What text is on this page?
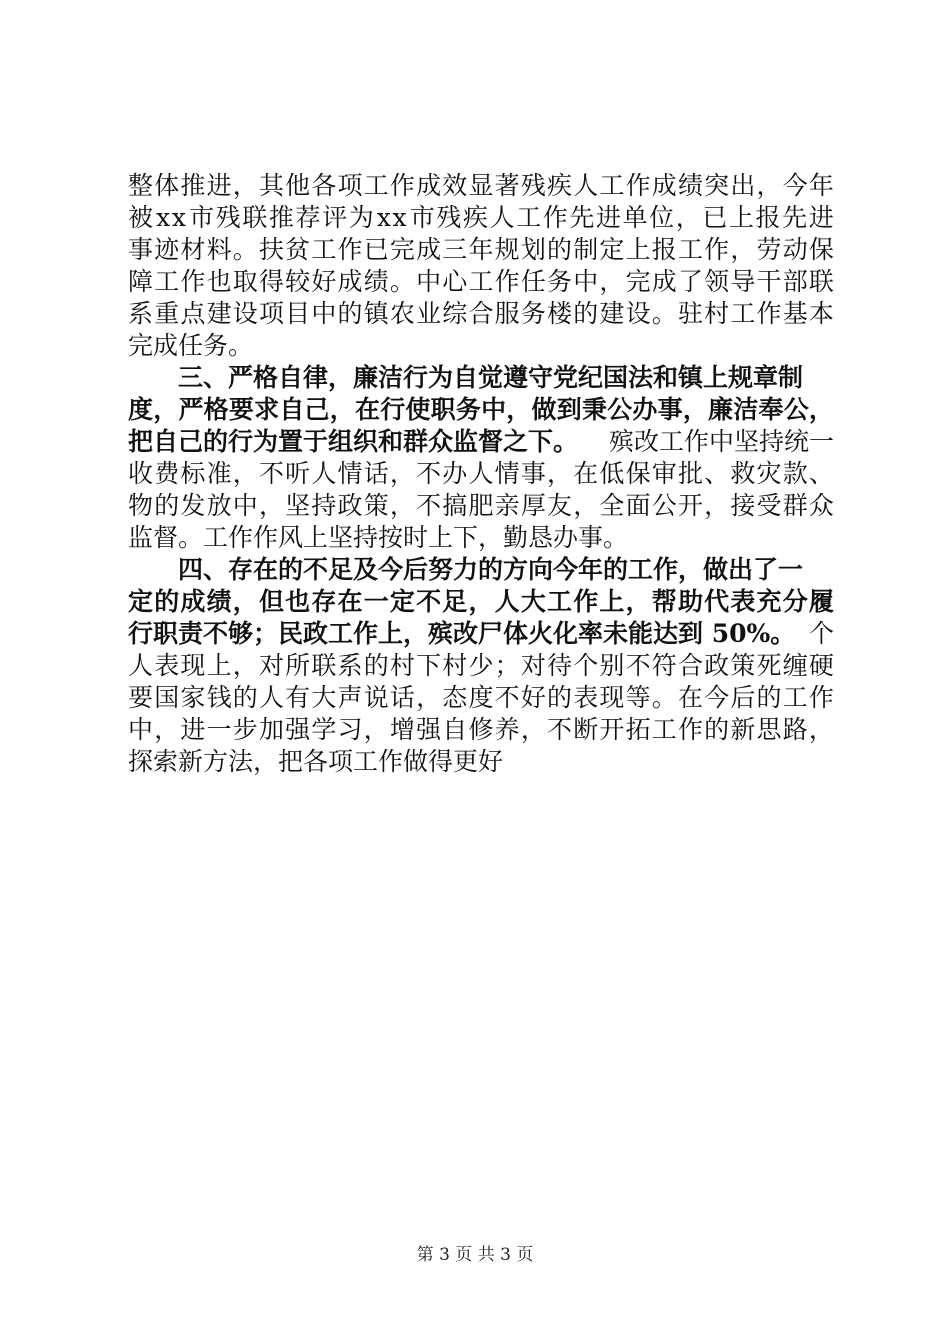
整 体 推 进 ， 其 他 各 项 工 作 成 效 显 著 残 疾 人 工 作 成 绩 突 出 ， 今 年
被 x x 市 残 联 推 荐 评 为 x x 市 残 疾 人 工 作 先 进 单 位 ， 已 上 报 先 进
事 迹 材 料 。 扶 贫 工 作 已 完 成 三 年 规 划 的 制 定 上 报 工 作 ， 劳 动 保
障 工 作 也 取 得 较 好 成 绩 。 中 心 工 作 任 务 中 ， 完 成 了 领 导 干 部 联
系 重 点 建 设 项 目 中 的 镇 农 业 综 合 服 务 楼 的 建 设 。 驻 村 工 作 基 本
完成任务。
　　三、严格自律，廉洁行为自觉遵守党纪国法和镇上规章制
度 ， 严 格 要 求 自 己 ， 在 行 使 职 务 中 ， 做 到 秉 公 办 事 ， 廉 洁 奉 公 ，
把自己的行为置于组织和群众监督之下。 殡改工作中坚持统一
收 费 标 准 ， 不 听 人 情 话 ， 不 办 人 情 事 ， 在 低 保 审 批 、 救 灾 款 、
物 的 发 放 中 ， 坚 持 政 策 ， 不 搞 肥 亲 厚 友 ， 全 面 公 开 ， 接 受 群 众
监督。工作作风上坚持按时上下，勤恳办事。
　　四、存在的不足及今后努力的方向今年的工作，做出了一
定 的 成 绩 ， 但 也 存 在 一 定 不 足 ， 人 大 工 作 上 ， 帮 助 代 表 充 分 履
行职责不够；民政工作上，殡改尸体火化率未能达到 50%。 个
人 表 现 上 ， 对 所 联 系 的 村 下 村 少 ； 对 待 个 别 不 符 合 政 策 死 缠 硬
要 国 家 钱 的 人 有 大 声 说 话 ， 态 度 不 好 的 表 现 等 。 在 今 后 的 工 作
中 ， 进 一 步 加 强 学 习 ， 增 强 自 修 养 ， 不 断 开 拓 工 作 的 新 思 路 ，
探索新方法，把各项工作做得更好
第 3 页 共 3 页
